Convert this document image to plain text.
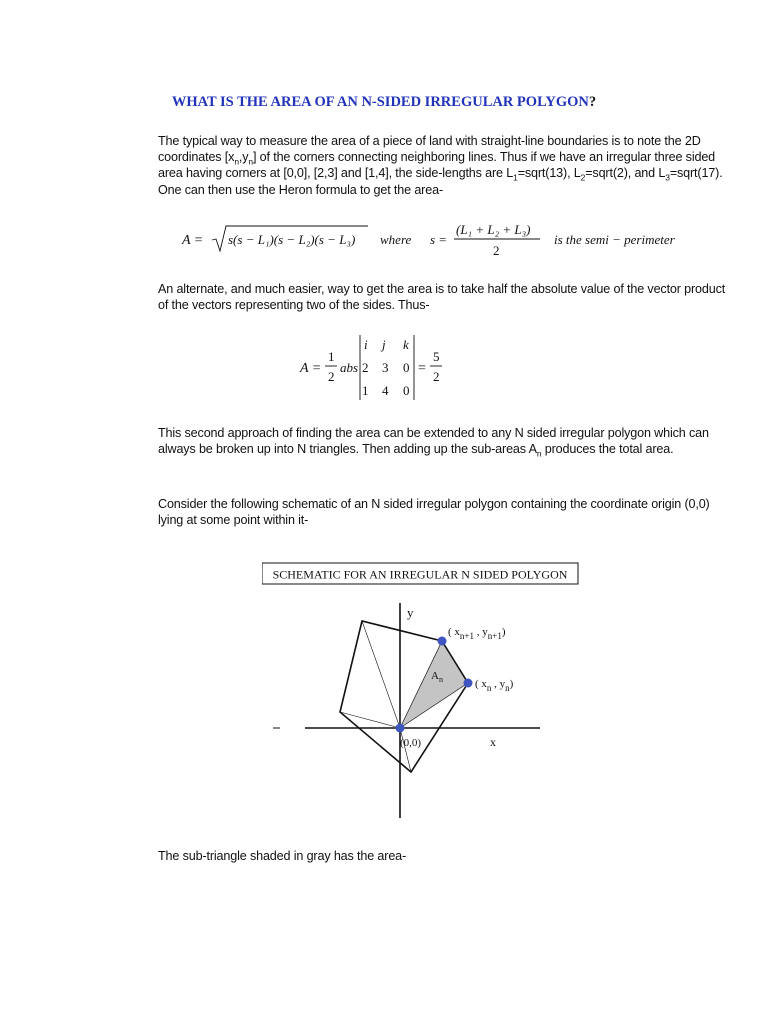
WHAT IS THE AREA OF AN N-SIDED IRREGULAR POLYGON?
The typical way to measure the area of a piece of land with straight-line boundaries is to note the 2D coordinates $[x_n,y_n]$ of the corners connecting neighboring lines. Thus if we have an irregular three sided area having corners at [0,0], [2,3] and [1,4], the side-lengths are $L_1=sqrt(13)$, $L_2=sqrt(2)$, and $L_3=sqrt(17)$. One can then use the Heron formula to get the area-
A = s(s − L₁)(s − L₂)(s − L₃) where s =
(L₁ + L₂ + L₃)
2
is the semi − perimeter
An alternate, and much easier, way to get the area is to take half the absolute value of the vector product of the vectors representing two of the sides. Thus-
A =
1
2
abs
i j k
2 3 0
1 4 0
=
5
2
This second approach of finding the area can be extended to any N sided irregular polygon which can always be broken up into N triangles. Then adding up the sub-areas $A_n$ produces the total area.
Consider the following schematic of an N sided irregular polygon containing the coordinate origin (0,0) lying at some point within it-
SCHEMATIC FOR AN IRREGULAR N SIDED POLYGON
y
x
(0,0)
$A_n$
( $x_{n+1}$ , $y_{n+1}$)
( $x_n$ , $y_n$)
The sub-triangle shaded in gray has the area-
